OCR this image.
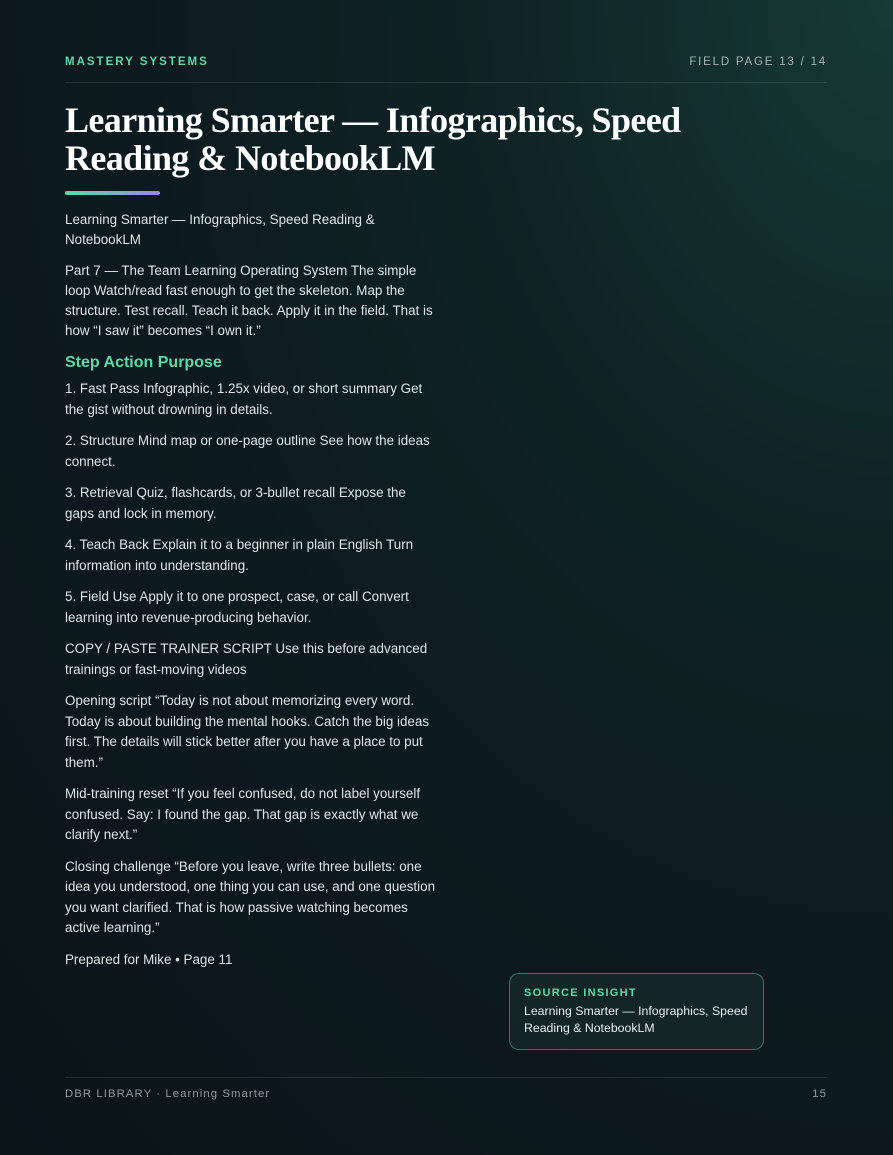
MASTERY SYSTEMS	FIELD PAGE 13 / 14
Learning Smarter — Infographics, Speed Reading & NotebookLM

Learning Smarter — Infographics, Speed Reading & NotebookLM

Part 7 — The Team Learning Operating System The simple loop Watch/read fast enough to get the skeleton. Map the structure. Test recall. Teach it back. Apply it in the field. That is how “I saw it” becomes “I own it.”

Step Action Purpose

1. Fast Pass Infographic, 1.25x video, or short summary Get the gist without drowning in details.

2. Structure Mind map or one-page outline See how the ideas connect.

3. Retrieval Quiz, flashcards, or 3-bullet recall Expose the gaps and lock in memory.

4. Teach Back Explain it to a beginner in plain English Turn information into understanding.

5. Field Use Apply it to one prospect, case, or call Convert learning into revenue-producing behavior.

COPY / PASTE TRAINER SCRIPT Use this before advanced trainings or fast-moving videos

Opening script “Today is not about memorizing every word. Today is about building the mental hooks. Catch the big ideas first. The details will stick better after you have a place to put them.”

Mid-training reset “If you feel confused, do not label yourself confused. Say: I found the gap. That gap is exactly what we clarify next.”

Closing challenge “Before you leave, write three bullets: one idea you understood, one thing you can use, and one question you want clarified. That is how passive watching becomes active learning.”

Prepared for Mike • Page 11

SOURCE INSIGHT
Learning Smarter — Infographics, Speed Reading & NotebookLM
DBR LIBRARY · Learning Smarter	15
